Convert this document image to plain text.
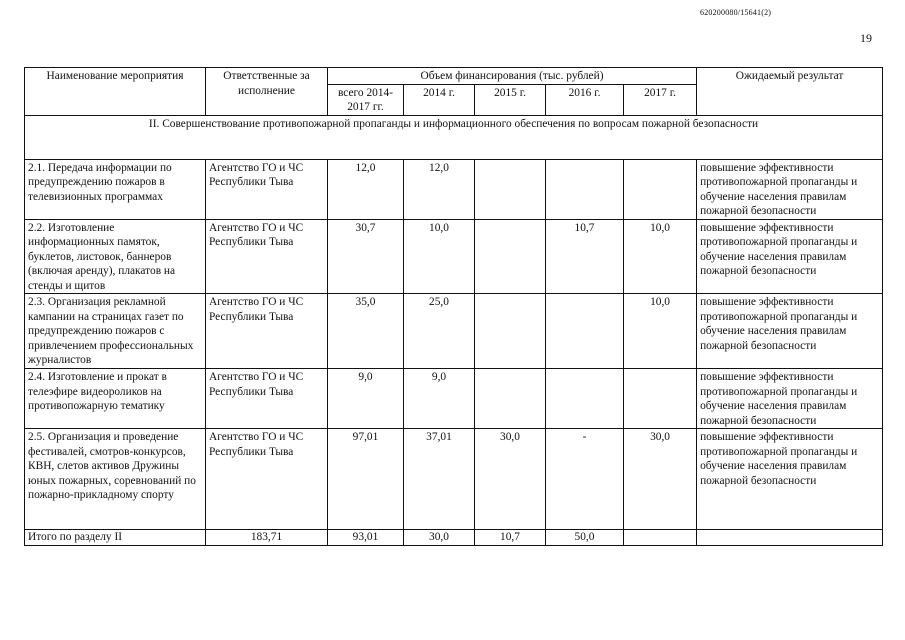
620200080/15641(2)
19
Наименование мероприятия	Ответственные за исполнение	Объем финансирования (тыс. рублей)					Ожидаемый результат
		всего 2014-2017 гг.	2014 г.	2015 г.	2016 г.	2017 г.	
II. Совершенствование противопожарной пропаганды и информационного обеспечения по вопросам пожарной безопасности							
2.1. Передача информации по предупреждению пожаров в телевизионных программах	Агентство ГО и ЧС Республики Тыва	12,0	12,0				повышение эффективности противопожарной пропаганды и обучение населения правилам пожарной безопасности
2.2. Изготовление информационных памяток, буклетов, листовок, баннеров (включая аренду), плакатов на стенды и щитов	Агентство ГО и ЧС Республики Тыва	30,7	10,0		10,7	10,0	повышение эффективности противопожарной пропаганды и обучение населения правилам пожарной безопасности
2.3. Организация рекламной кампании на страницах газет по предупреждению пожаров с привлечением профессиональных журналистов	Агентство ГО и ЧС Республики Тыва	35,0	25,0			10,0	повышение эффективности противопожарной пропаганды и обучение населения правилам пожарной безопасности
2.4. Изготовление и прокат в телеэфире видеороликов на противопожарную тематику	Агентство ГО и ЧС Республики Тыва	9,0	9,0				повышение эффективности противопожарной пропаганды и обучение населения правилам пожарной безопасности
2.5. Организация и проведение фестивалей, смотров-конкурсов, КВН, слетов активов Дружины юных пожарных, соревнований по пожарно-прикладному спорту	Агентство ГО и ЧС Республики Тыва	97,01	37,01	30,0	-	30,0	повышение эффективности противопожарной пропаганды и обучение населения правилам пожарной безопасности
Итого по разделу II	183,71	93,01	30,0	10,7	50,0		
